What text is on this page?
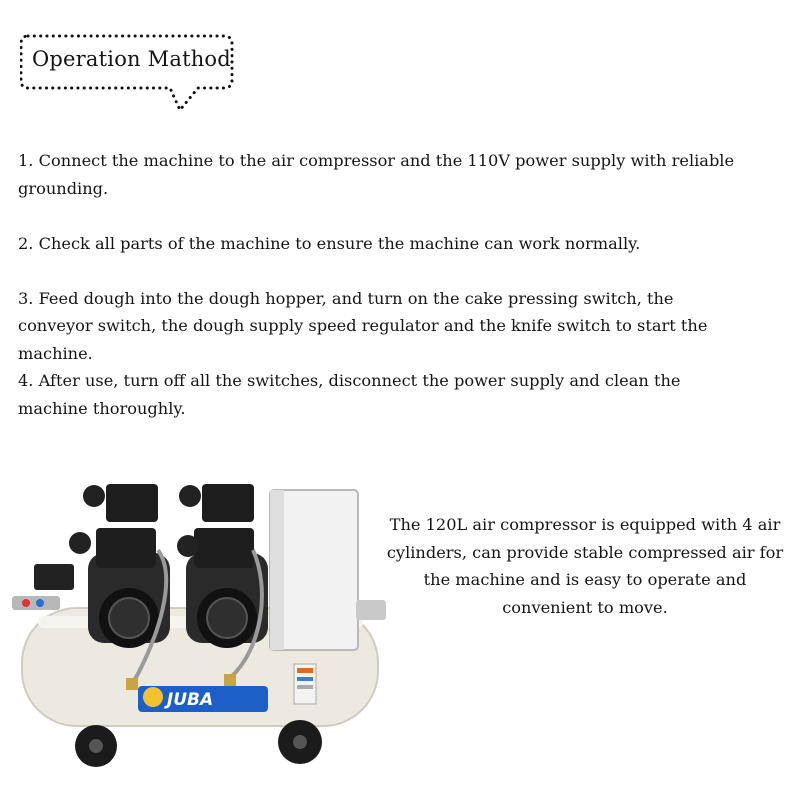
Operation Mathod

1. Connect the machine to the air compressor and the 110V power supply with reliable grounding.

2. Check all parts of the machine to ensure the machine can work normally.

3. Feed dough into the dough hopper, and turn on the cake pressing switch, the conveyor switch, the dough supply speed regulator and the knife switch to start the machine.

4. After use, turn off all the switches, disconnect the power supply and clean the machine thoroughly.

The 120L air compressor is equipped with 4 air cylinders, can provide stable compressed air for the machine and is easy to operate and convenient to move.
JUBA
